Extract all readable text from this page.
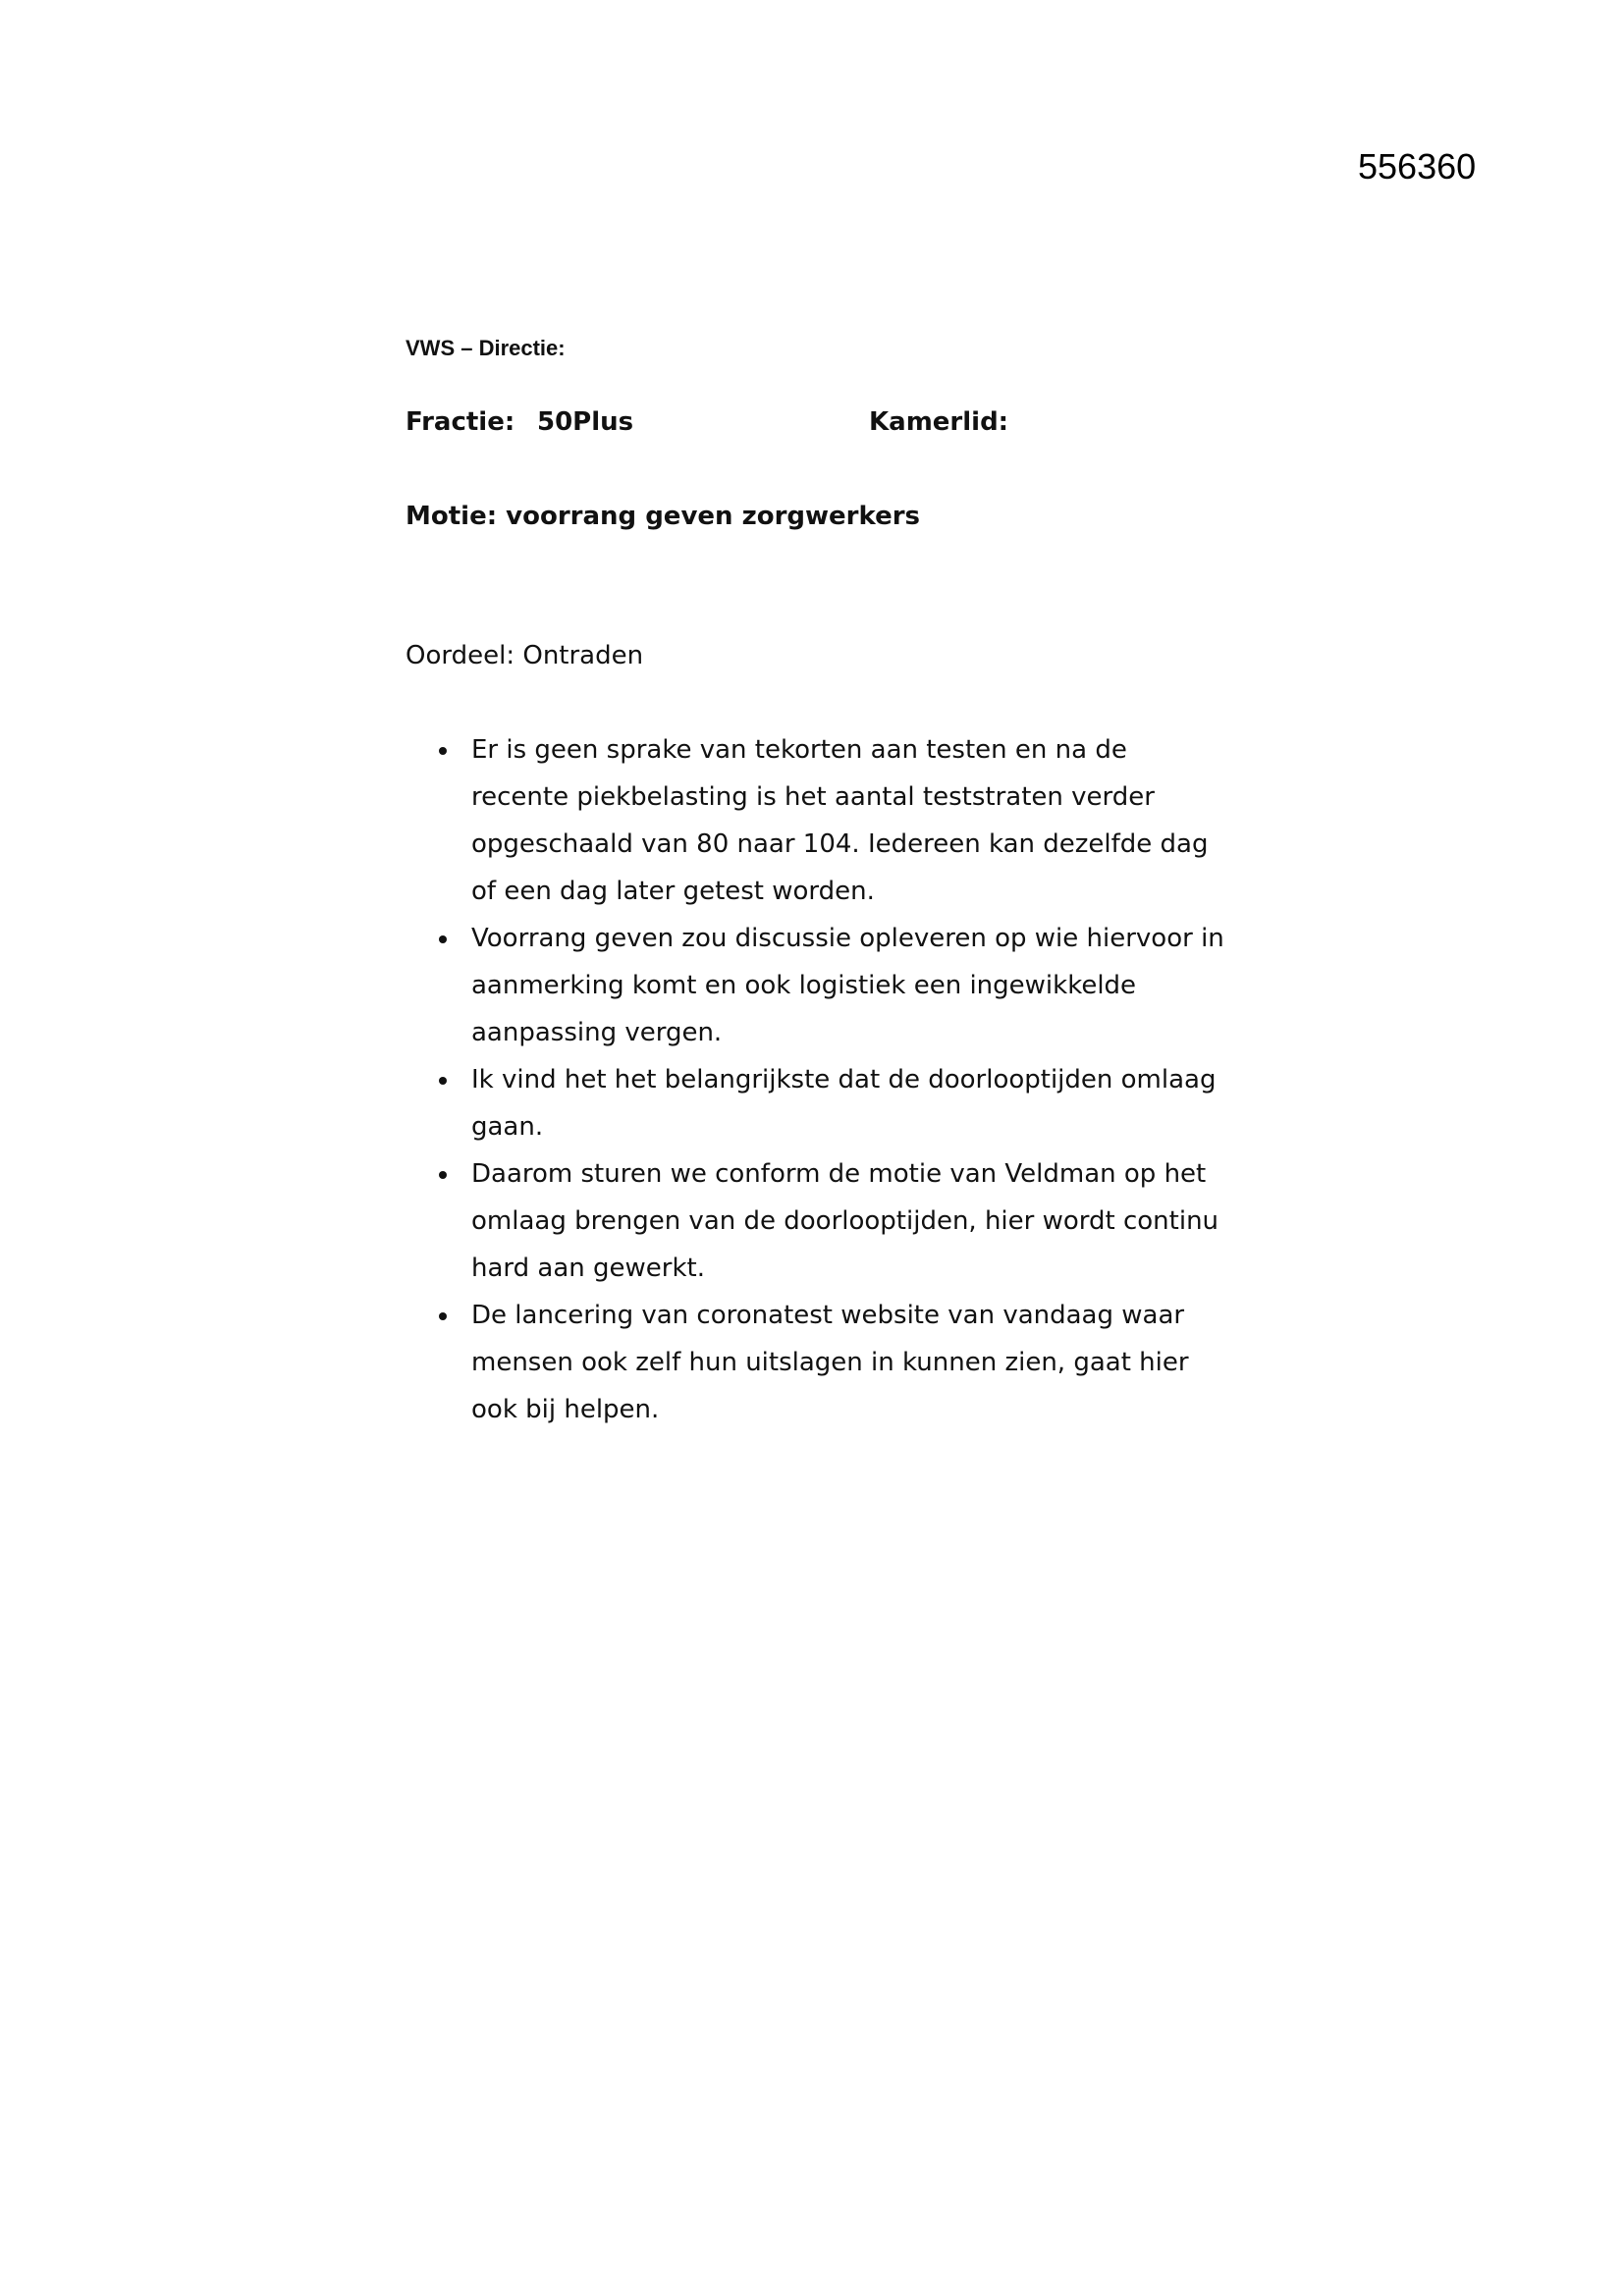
556360
VWS – Directie:
Fractie: 50Plus	Kamerlid:
Motie: voorrang geven zorgwerkers
Oordeel: Ontraden
Er is geen sprake van tekorten aan testen en na de
recente piekbelasting is het aantal teststraten verder
opgeschaald van 80 naar 104. Iedereen kan dezelfde dag
of een dag later getest worden.
Voorrang geven zou discussie opleveren op wie hiervoor in
aanmerking komt en ook logistiek een ingewikkelde
aanpassing vergen.
Ik vind het het belangrijkste dat de doorlooptijden omlaag
gaan.
Daarom sturen we conform de motie van Veldman op het
omlaag brengen van de doorlooptijden, hier wordt continu
hard aan gewerkt.
De lancering van coronatest website van vandaag waar
mensen ook zelf hun uitslagen in kunnen zien, gaat hier
ook bij helpen.
